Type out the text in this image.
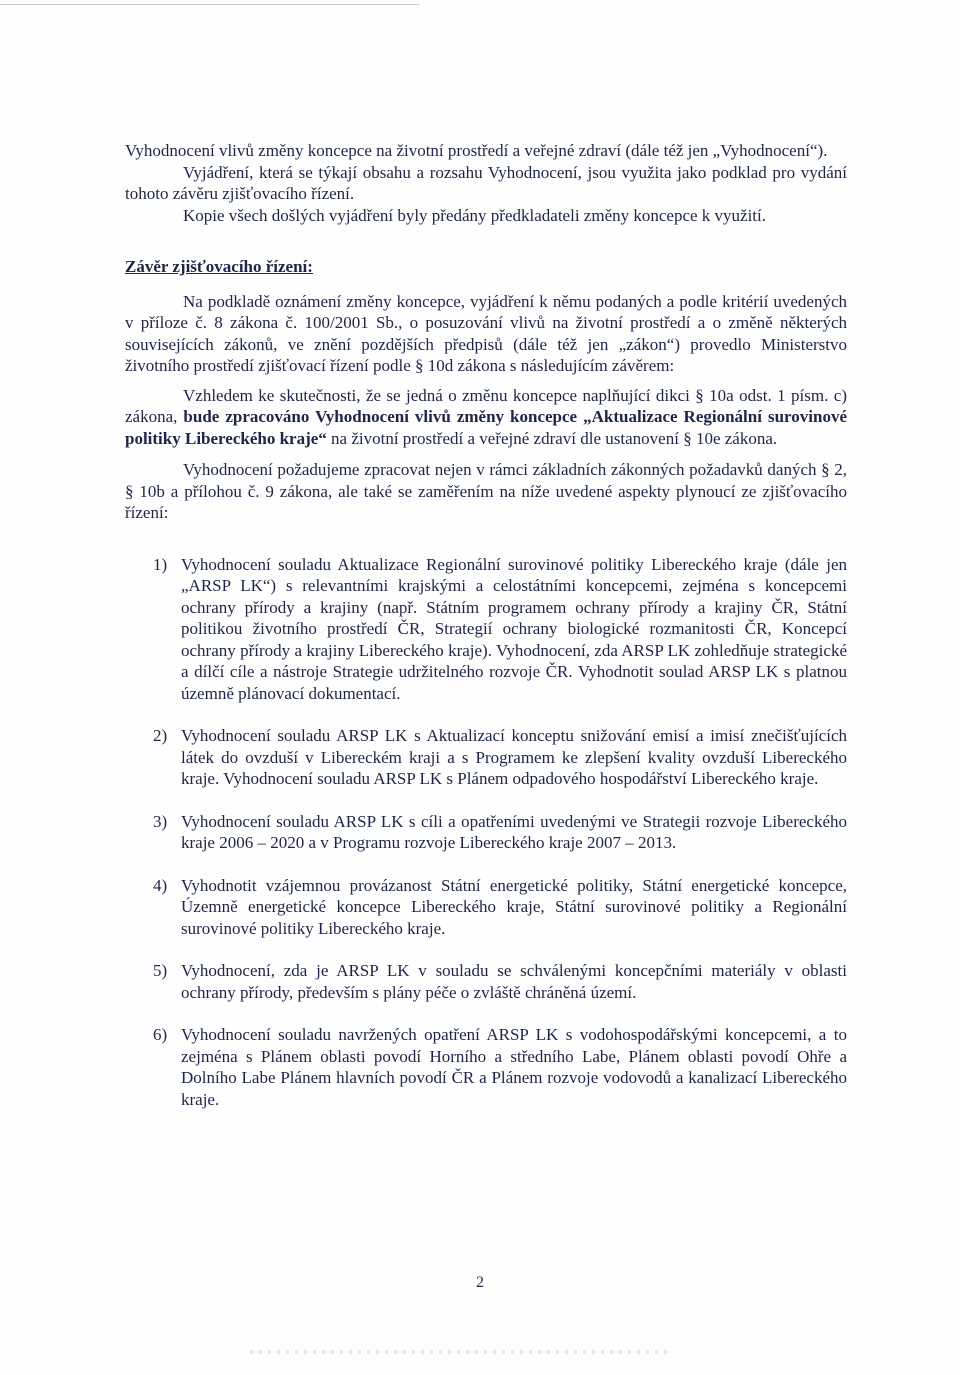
Vyhodnocení vlivů změny koncepce na životní prostředí a veřejné zdraví (dále též jen „Vyhodnocení“).

Vyjádření, která se týkají obsahu a rozsahu Vyhodnocení, jsou využita jako podklad pro vydání tohoto závěru zjišťovacího řízení.

Kopie všech došlých vyjádření byly předány předkladateli změny koncepce k využití.

Závěr zjišťovacího řízení:

Na podkladě oznámení změny koncepce, vyjádření k němu podaných a podle kritérií uvedených v příloze č. 8 zákona č. 100/2001 Sb., o posuzování vlivů na životní prostředí a o změně některých souvisejících zákonů, ve znění pozdějších předpisů (dále též jen „zákon“) provedlo Ministerstvo životního prostředí zjišťovací řízení podle § 10d zákona s následujícím závěrem:

Vzhledem ke skutečnosti, že se jedná o změnu koncepce naplňující dikci § 10a odst. 1 písm. c) zákona, bude zpracováno Vyhodnocení vlivů změny koncepce „Aktualizace Regionální surovinové politiky Libereckého kraje“ na životní prostředí a veřejné zdraví dle ustanovení § 10e zákona.

Vyhodnocení požadujeme zpracovat nejen v rámci základních zákonných požadavků daných § 2, § 10b a přílohou č. 9 zákona, ale také se zaměřením na níže uvedené aspekty plynoucí ze zjišťovacího řízení:

1) Vyhodnocení souladu Aktualizace Regionální surovinové politiky Libereckého kraje (dále jen „ARSP LK“) s relevantními krajskými a celostátními koncepcemi, zejména s koncepcemi ochrany přírody a krajiny (např. Státním programem ochrany přírody a krajiny ČR, Státní politikou životního prostředí ČR, Strategií ochrany biologické rozmanitosti ČR, Koncepcí ochrany přírody a krajiny Libereckého kraje). Vyhodnocení, zda ARSP LK zohledňuje strategické a dílčí cíle a nástroje Strategie udržitelného rozvoje ČR. Vyhodnotit soulad ARSP LK s platnou územně plánovací dokumentací.
2) Vyhodnocení souladu ARSP LK s Aktualizací konceptu snižování emisí a imisí znečišťujících látek do ovzduší v Libereckém kraji a s Programem ke zlepšení kvality ovzduší Libereckého kraje. Vyhodnocení souladu ARSP LK s Plánem odpadového hospodářství Libereckého kraje.
3) Vyhodnocení souladu ARSP LK s cíli a opatřeními uvedenými ve Strategii rozvoje Libereckého kraje 2006 – 2020 a v Programu rozvoje Libereckého kraje 2007 – 2013.
4) Vyhodnotit vzájemnou provázanost Státní energetické politiky, Státní energetické koncepce, Územně energetické koncepce Libereckého kraje, Státní surovinové politiky a Regionální surovinové politiky Libereckého kraje.
5) Vyhodnocení, zda je ARSP LK v souladu se schválenými koncepčními materiály v oblasti ochrany přírody, především s plány péče o zvláště chráněná území.
6) Vyhodnocení souladu navržených opatření ARSP LK s vodohospodářskými koncepcemi, a to zejména s Plánem oblasti povodí Horního a středního Labe, Plánem oblasti povodí Ohře a Dolního Labe Plánem hlavních povodí ČR a Plánem rozvoje vodovodů a kanalizací Libereckého kraje.
2
